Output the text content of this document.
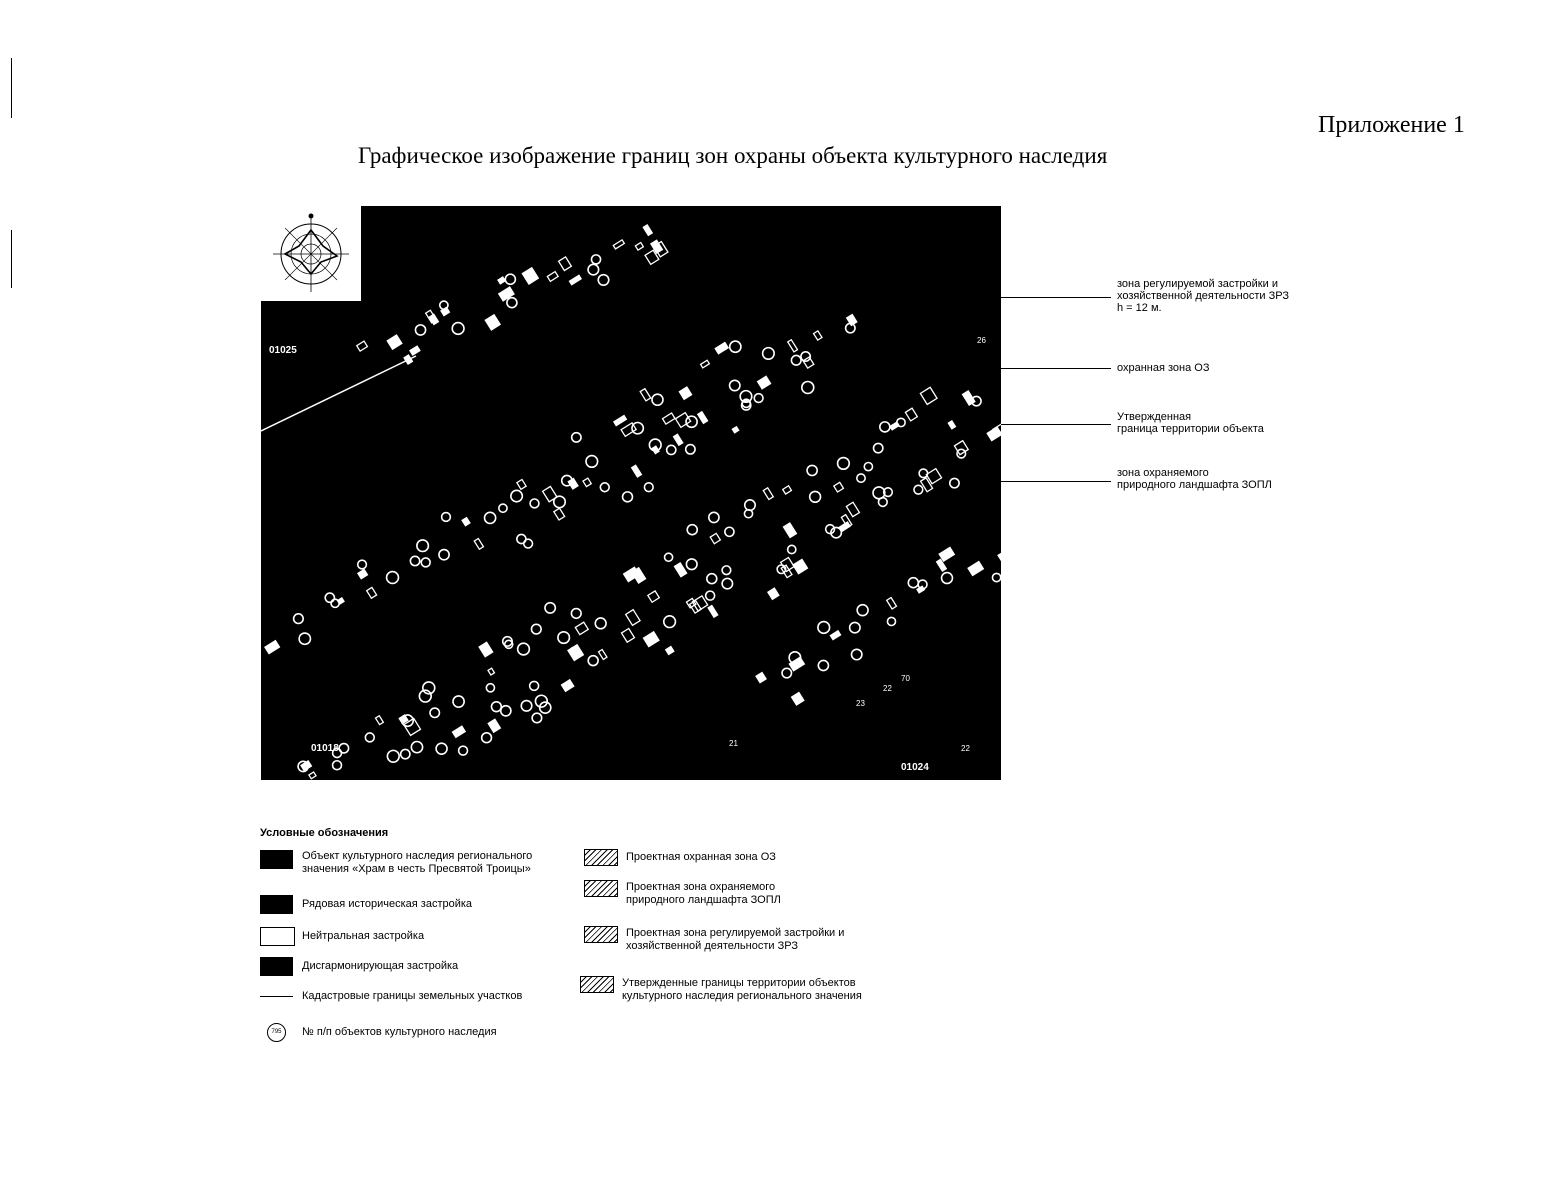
Приложение 1
Графическое изображение границ зон охраны объекта культурного наследия
01025
01018
01024
26
70
22
21
23
22
зона регулируемой застройки и
хозяйственной деятельности ЗРЗ
h = 12 м.
охранная зона ОЗ
Утвержденная
граница территории объекта
зона охраняемого
природного ландшафта ЗОПЛ
Условные обозначения
Объект культурного наследия регионального
значения «Храм в честь Пресвятой Троицы»
Рядовая историческая застройка
Нейтральная застройка
Дисгармонирующая застройка
Кадастровые границы земельных участков
795	№ п/п объектов культурного наследия
Проектная охранная зона ОЗ
Проектная зона охраняемого
природного ландшафта ЗОПЛ
Проектная зона регулируемой застройки и
хозяйственной деятельности ЗРЗ
Утвержденные границы территории объектов
культурного наследия регионального значения
